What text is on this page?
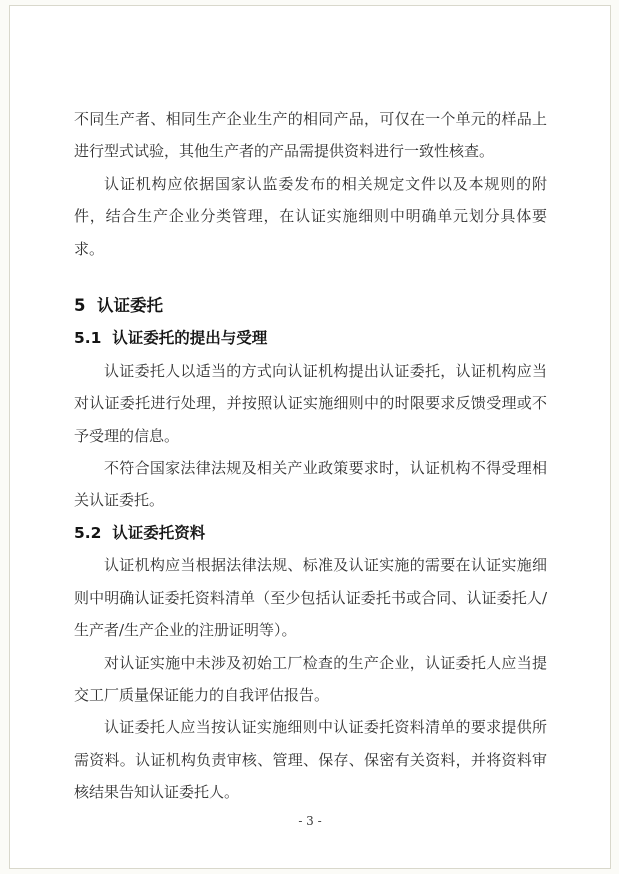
不同生产者、相同生产企业生产的相同产品，可仅在一个单元的样品上进行型式试验，其他生产者的产品需提供资料进行一致性核查。

认证机构应依据国家认监委发布的相关规定文件以及本规则的附件，结合生产企业分类管理，在认证实施细则中明确单元划分具体要求。

5  认证委托
5.1  认证委托的提出与受理

认证委托人以适当的方式向认证机构提出认证委托，认证机构应当对认证委托进行处理，并按照认证实施细则中的时限要求反馈受理或不予受理的信息。

不符合国家法律法规及相关产业政策要求时，认证机构不得受理相关认证委托。

5.2  认证委托资料

认证机构应当根据法律法规、标准及认证实施的需要在认证实施细则中明确认证委托资料清单（至少包括认证委托书或合同、认证委托人/生产者/生产企业的注册证明等）。

对认证实施中未涉及初始工厂检查的生产企业，认证委托人应当提交工厂质量保证能力的自我评估报告。

认证委托人应当按认证实施细则中认证委托资料清单的要求提供所需资料。认证机构负责审核、管理、保存、保密有关资料，并将资料审核结果告知认证委托人。

- 3 -
